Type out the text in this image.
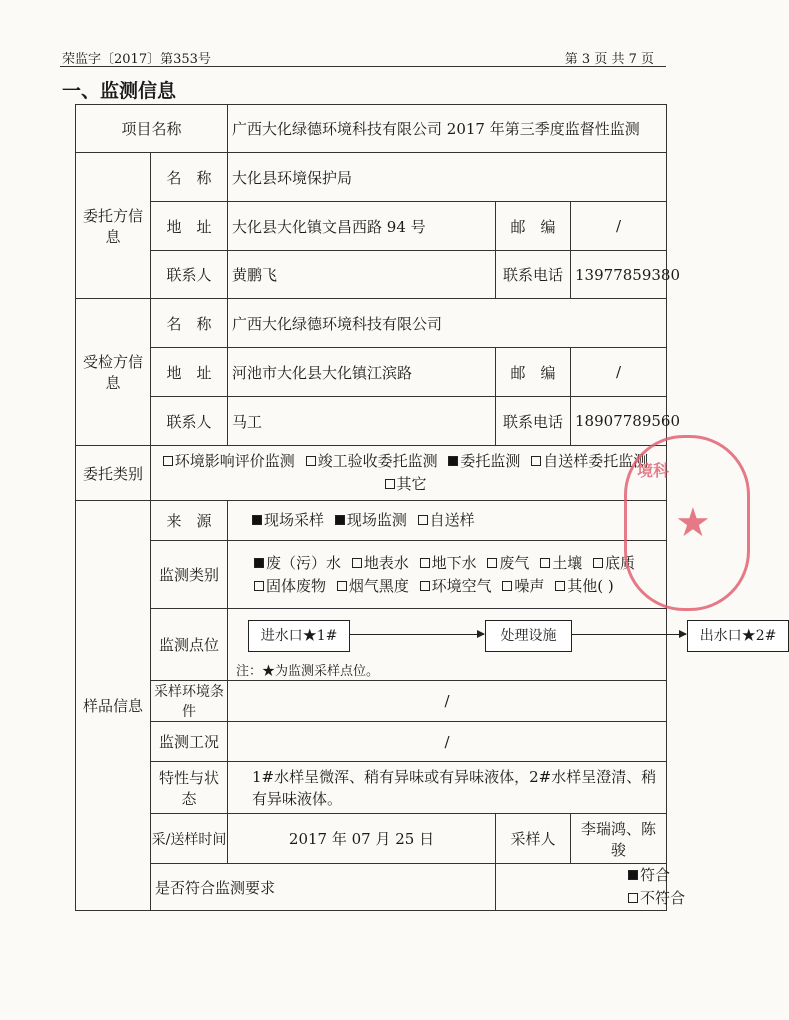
荣监字〔2017〕第353号	第 3 页 共 7 页
一、监测信息
项目名称		广西大化绿德环境科技有限公司 2017 年第三季度监督性监测		
委托方信息	名　称	大化县环境保护局		
	地　址	大化县大化镇文昌西路 94 号	邮　编	/
	联系人	黄鹏飞	联系电话	13977859380
受检方信息	名　称	广西大化绿德环境科技有限公司		
	地　址	河池市大化县大化镇江滨路	邮　编	/
	联系人	马工	联系电话	18907789560
委托类别	环境影响评价监测 竣工验收委托监测 委托监测 自送样委托监测 其它			

样品信息	来　源	现场采样 现场监测 自送样		

	监测类别	废（污）水 地表水 地下水 废气 土壤 底质 固体废物 烟气黑度 环境空气 噪声 其他( )		

	监测点位	进水口★1# 处理设施 出水口★2#
注：★为监测采样点位。		

	采样环境条件	/		
	监测工况	/		
	特性与状态	1#水样呈微浑、稍有异味或有异味液体，2#水样呈澄清、稍有异味液体。		
	采/送样时间	2017 年 07 月 25 日	采样人	李瑞鸿、陈骏
	是否符合监测要求		符合 不符合	
境科
★
